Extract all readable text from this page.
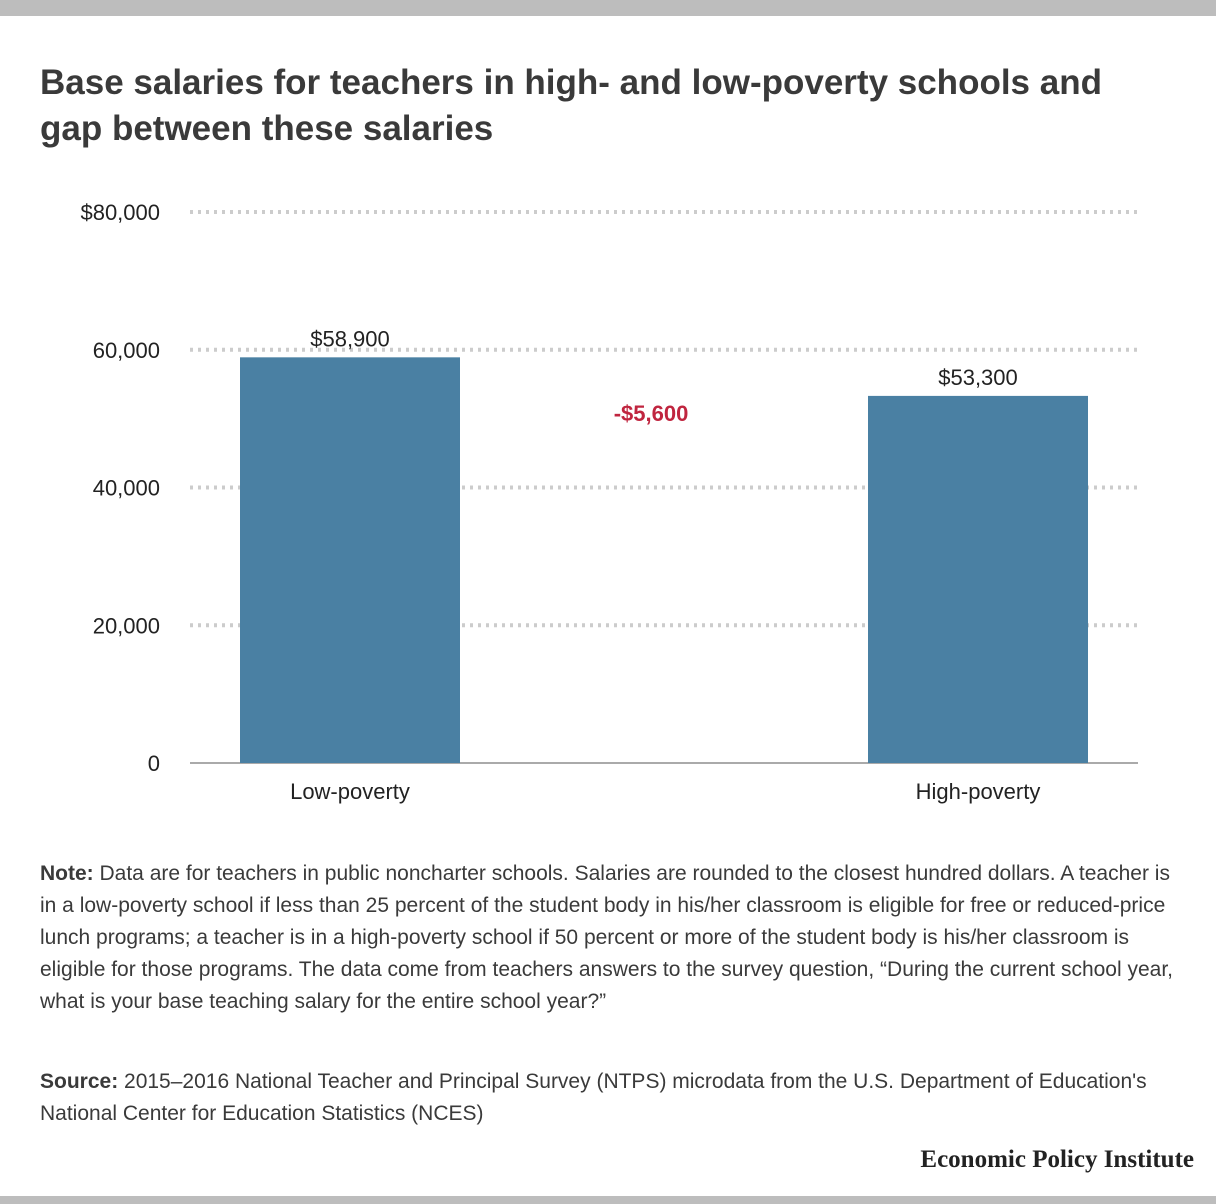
Base salaries for teachers in high- and low-poverty schools and gap between these salaries
0
20,000
40,000
60,000
$80,000
$58,900
Low-poverty
$53,300
High-poverty
-$5,600

Note: Data are for teachers in public noncharter schools. Salaries are rounded to the closest hundred dollars. A teacher is in a low-poverty school if less than 25 percent of the student body in his/her classroom is eligible for free or reduced-price lunch programs; a teacher is in a high-poverty school if 50 percent or more of the student body is his/her classroom is eligible for those programs. The data come from teachers answers to the survey question, “During the current school year, what is your base teaching salary for the entire school year?”

Source: 2015–2016 National Teacher and Principal Survey (NTPS) microdata from the U.S. Department of Education's National Center for Education Statistics (NCES)

Economic Policy Institute
